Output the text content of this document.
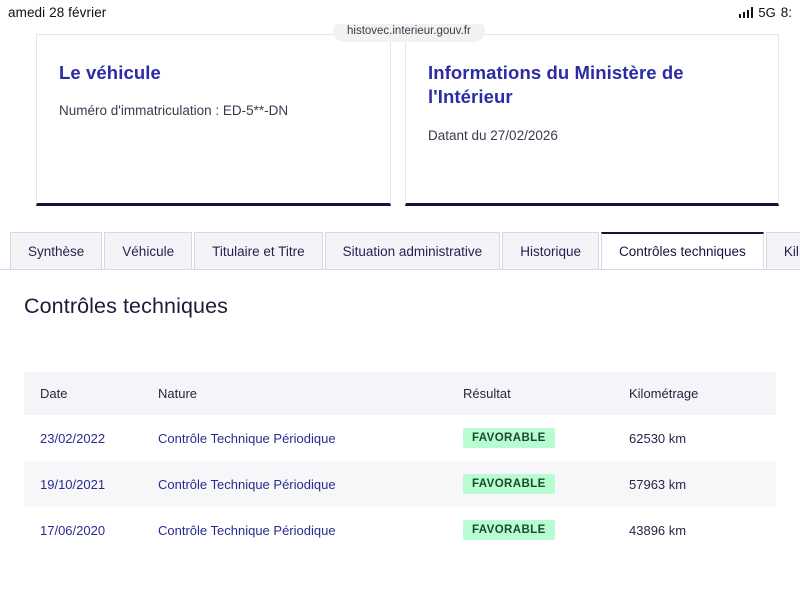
amedi 28 février	5G 8:
histovec.interieur.gouv.fr
Le véhicule

Numéro d'immatriculation : ED-5**-DN

Informations du Ministère de l'Intérieur

Datant du 27/02/2026

Synthèse	Véhicule	Titulaire et Titre	Situation administrative	Historique	Contrôles techniques	Kil
Contrôles techniques
Date	Nature	Résultat	Kilométrage
23/02/2022	Contrôle Technique Périodique	FAVORABLE	62530 km
19/10/2021	Contrôle Technique Périodique	FAVORABLE	57963 km
17/06/2020	Contrôle Technique Périodique	FAVORABLE	43896 km
